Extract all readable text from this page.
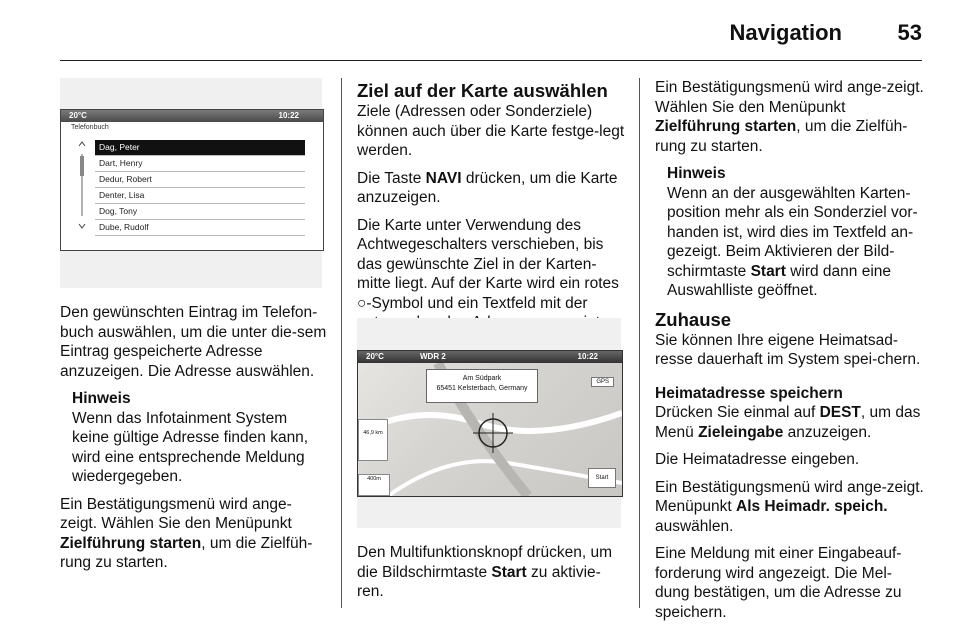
Navigation	53
20°C	10:22
Telefonbuch
Dag, Peter
Dart, Henry
Dedur, Robert
Denter, Lisa
Dog, Tony
Dube, Rudolf

Den gewünschten Eintrag im Telefon-buch auswählen, um die unter die-sem Eintrag gespeicherte Adresse anzuzeigen. Die Adresse auswählen.

Hinweis
Wenn das Infotainment System keine gültige Adresse finden kann, wird eine entsprechende Meldung wiedergegeben.

Ein Bestätigungsmenü wird ange-zeigt. Wählen Sie den Menüpunkt Zielführung starten, um die Zielfüh-rung zu starten.

Ziel auf der Karte auswählen

Ziele (Adressen oder Sonderziele) können auch über die Karte festge-legt werden.

Die Taste NAVI drücken, um die Karte anzuzeigen.

Die Karte unter Verwendung des Achtwegeschalters verschieben, bis das gewünschte Ziel in der Karten-mitte liegt. Auf der Karte wird ein rotes ○-Symbol und ein Textfeld mit der

20°C	WDR 2	10:22
Am Südpark
65451 Kelsterbach, Germany
GPS
46,9 km
400m	Start

Den Multifunktionsknopf drücken, um die Bildschirmtaste Start zu aktivie-ren.

Ein Bestätigungsmenü wird ange-zeigt. Wählen Sie den Menüpunkt Zielführung starten, um die Zielfüh-rung zu starten.

Hinweis
Wenn an der ausgewählten Karten-position mehr als ein Sonderziel vor-handen ist, wird dies im Textfeld an-gezeigt. Beim Aktivieren der Bild-schirmtaste Start wird dann eine Auswahlliste geöffnet.
Zuhause

Sie können Ihre eigene Heimatsad-resse dauerhaft im System spei-chern.

Heimatadresse speichern

Drücken Sie einmal auf DEST, um das Menü Zieleingabe anzuzeigen.

Die Heimatadresse eingeben.

Ein Bestätigungsmenü wird ange-zeigt. Menüpunkt Als Heimadr. speich. auswählen.

Eine Meldung mit einer Eingabeauf-forderung wird angezeigt. Die Mel-dung bestätigen, um die Adresse zu speichern.
